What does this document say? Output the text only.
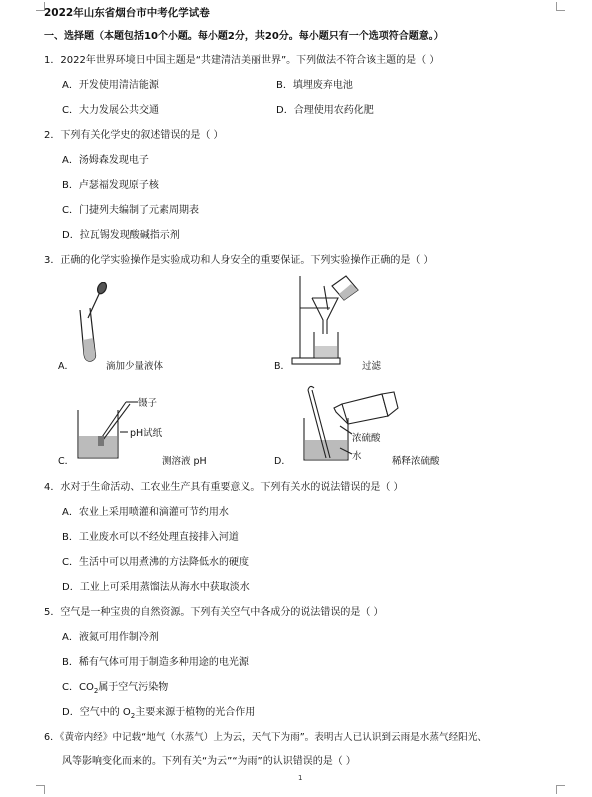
2022年山东省烟台市中考化学试卷
一、选择题（本题包括10个小题。每小题2分，共20分。每小题只有一个选项符合题意。）
1．2022年世界环境日中国主题是“共建清洁美丽世界”。下列做法不符合该主题的是（ ）
A．开发使用清洁能源	B．填埋废弃电池
C．大力发展公共交通	D．合理使用农药化肥
2．下列有关化学史的叙述错误的是（ ）
A．汤姆森发现电子
B．卢瑟福发现原子核
C．门捷列夫编制了元素周期表
D．拉瓦锡发现酸碱指示剂
3．正确的化学实验操作是实验成功和人身安全的重要保证。下列实验操作正确的是（ ）
A．	滴加少量液体	B．	过滤
镊子
pH试纸
C．	测溶液 pH
浓硫酸
水
D．	稀释浓硫酸
4．水对于生命活动、工农业生产具有重要意义。下列有关水的说法错误的是（ ）
A．农业上采用喷灌和滴灌可节约用水
B．工业废水可以不经处理直接排入河道
C．生活中可以用煮沸的方法降低水的硬度
D．工业上可采用蒸馏法从海水中获取淡水
5．空气是一种宝贵的自然资源。下列有关空气中各成分的说法错误的是（ ）
A．液氮可用作制冷剂
B．稀有气体可用于制造多种用途的电光源
C．$CO_2$属于空气污染物
D．空气中的 $O_2$主要来源于植物的光合作用
6．《黄帝内经》中记载“地气（水蒸气）上为云，天气下为雨”。表明古人已认识到云雨是水蒸气经阳光、
风等影响变化而来的。下列有关“为云”“为雨”的认识错误的是（ ）
1
